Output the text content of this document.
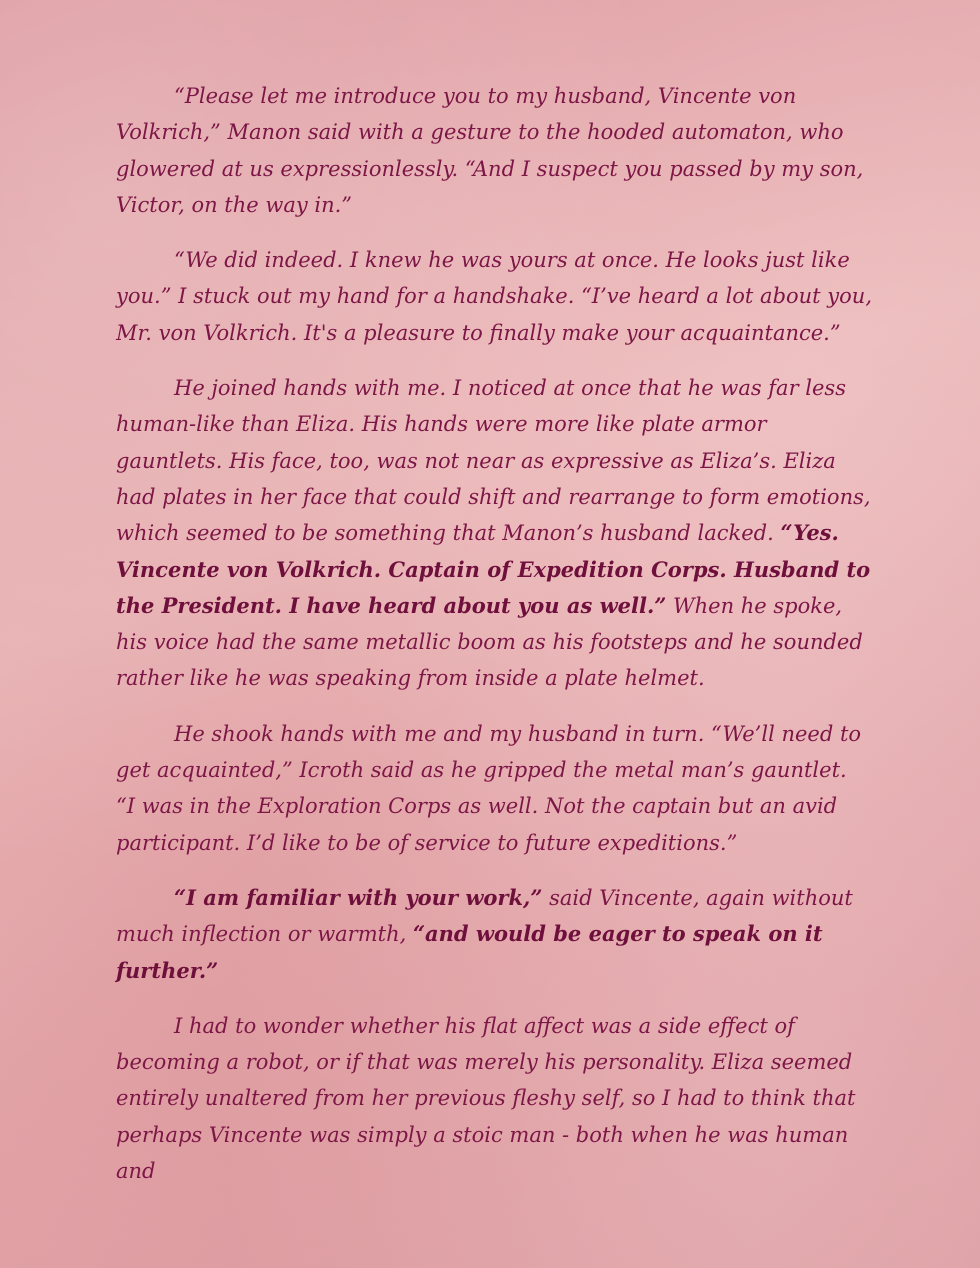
“Please let me introduce you to my husband, Vincente von Volkrich,” Manon said with a gesture to the hooded automaton, who glowered at us expressionlessly. “And I suspect you passed by my son, Victor, on the way in.”

“We did indeed. I knew he was yours at once. He looks just like you.” I stuck out my hand for a handshake. “I’ve heard a lot about you, Mr. von Volkrich. It's a pleasure to finally make your acquaintance.”

He joined hands with me. I noticed at once that he was far less human-like than Eliza. His hands were more like plate armor gauntlets. His face, too, was not near as expressive as Eliza’s. Eliza had plates in her face that could shift and rearrange to form emotions, which seemed to be something that Manon’s husband lacked. “Yes. Vincente von Volkrich. Captain of Expedition Corps. Husband to the President. I have heard about you as well.” When he spoke, his voice had the same metallic boom as his footsteps and he sounded rather like he was speaking from inside a plate helmet.

He shook hands with me and my husband in turn. “We’ll need to get acquainted,” Icroth said as he gripped the metal man’s gauntlet. “I was in the Exploration Corps as well. Not the captain but an avid participant. I’d like to be of service to future expeditions.”

“I am familiar with your work,” said Vincente, again without much inflection or warmth, “and would be eager to speak on it further.”

I had to wonder whether his flat affect was a side effect of becoming a robot, or if that was merely his personality. Eliza seemed entirely unaltered from her previous fleshy self, so I had to think that perhaps Vincente was simply a stoic man - both when he was human and
